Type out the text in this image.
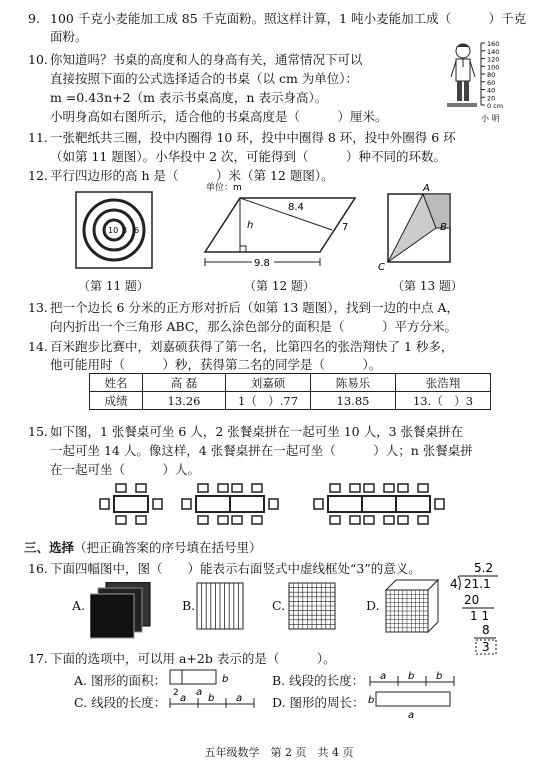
9. 100 千克小麦能加工成 85 千克面粉。照这样计算，1 吨小麦能加工成（　　　）千克
面粉。
10. 你知道吗？书桌的高度和人的身高有关，通常情况下可以
直接按照下面的公式选择适合的书桌（以 cm 为单位）：
m =0.43n+2（m 表示书桌高度，n 表示身高）。
小明身高如右图所示，适合他的书桌高度是（　　　）厘米。
160
140
120
100
80
60
40
20
0 cm
小 明
11. 一张靶纸共三圈，投中内圈得 10 环，投中中圈得 8 环，投中外圈得 6 环
（如第 11 题图）。小华投中 2 次，可能得到（　　　）种不同的环数。
12. 平行四边形的高 h 是（　　　）米（第 12 题图）。
10 8 6
单位：m
h
8.4
7
9.8
A
B
C
（第 11 题）	（第 12 题）	（第 13 题）
13. 把一个边长 6 分米的正方形对折后（如第 13 题图），找到一边的中点 A，
向内折出一个三角形 ABC，那么涂色部分的面积是（　　　）平方分米。
14. 百米跑步比赛中，刘嘉硕获得了第一名，比第四名的张浩翔快了 1 秒多，
他可能用时（　　　）秒，获得第二名的同学是（　　　）。
姓名	高 磊	刘嘉硕	陈易乐	张浩翔
成绩	13.26	1（　）.77	13.85	13.（　）3
15. 如下图，1 张餐桌可坐 6 人，2 张餐桌拼在一起可坐 10 人，3 张餐桌拼在
一起可坐 14 人。像这样，4 张餐桌拼在一起可坐（　　　）人；n 张餐桌拼
在一起可坐（　　　）人。
三、选择（把正确答案的序号填在括号里）
16. 下面四幅图中，图（　　）能表示右面竖式中虚线框处“3”的意义。
A.	B.	C.	D.
5.2
4 21.1
20
1 1
8
3
17. 下面的选项中，可以用 a+2b 表示的是（　　　）。
A. 图形的面积：	b
2 a
B. 线段的长度： a b b
C. 线段的长度： a b a D. 图形的周长： b
a
五年级数学　第 2 页　共 4 页
